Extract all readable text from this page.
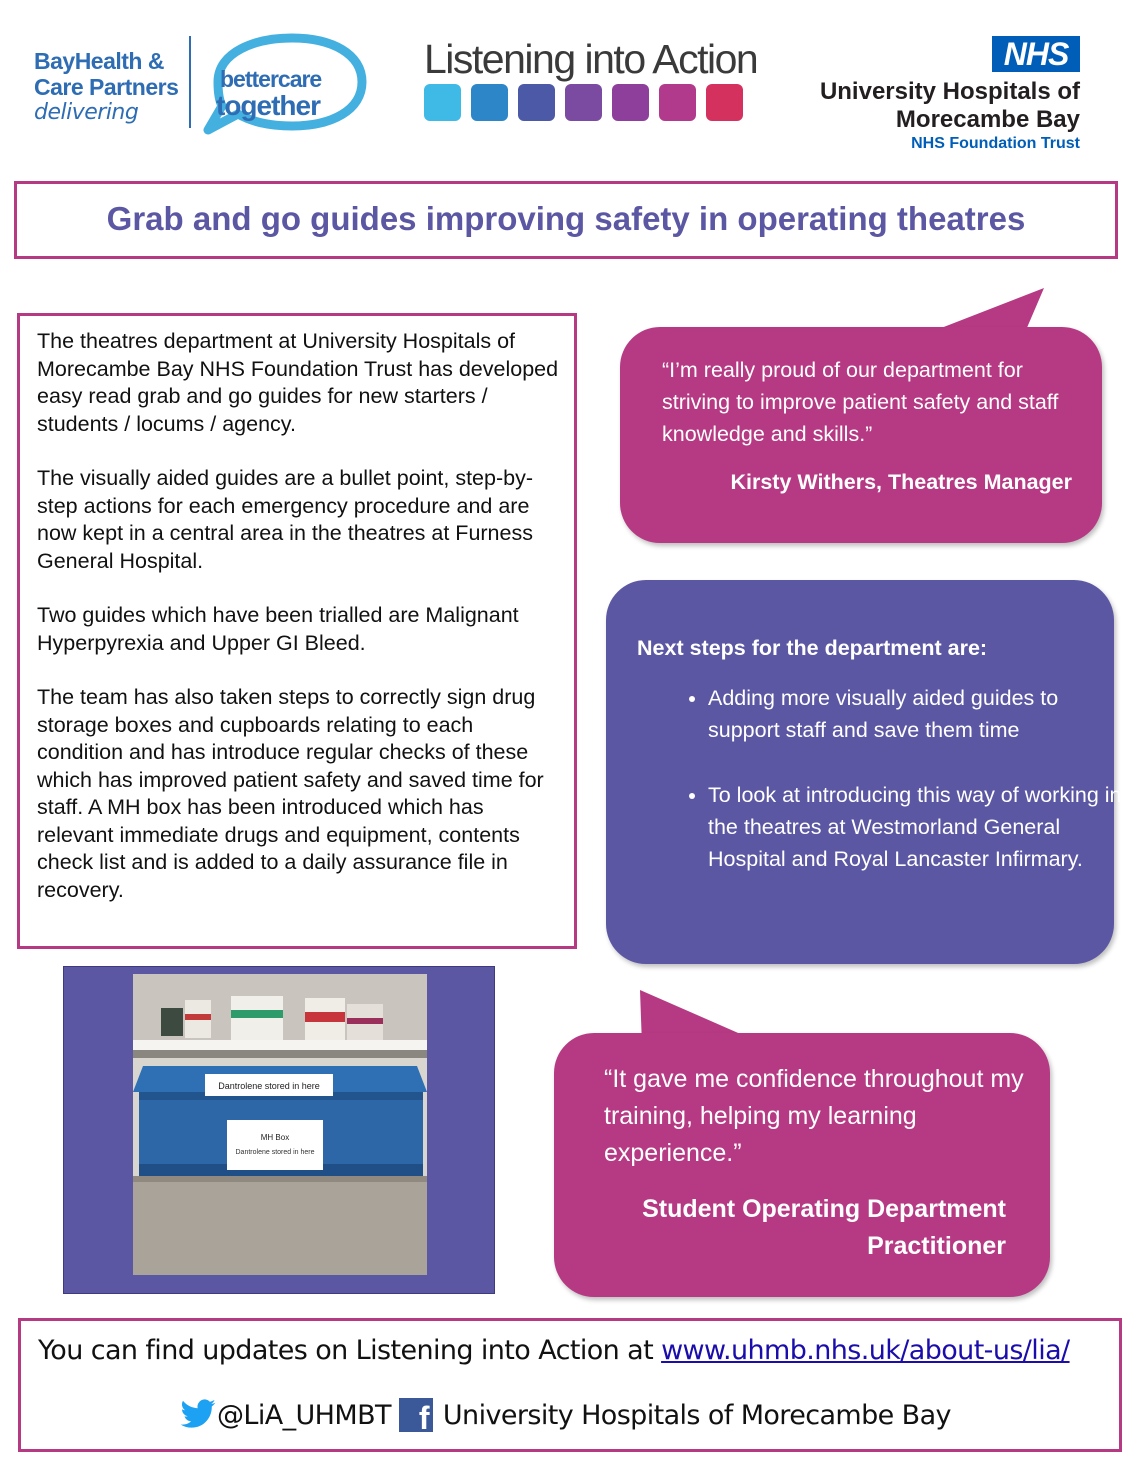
BayHealth &
Care Partners
delivering
bettercare
together
Listening into Action	NHS
University Hospitals of
Morecambe Bay
NHS Foundation Trust
Grab and go guides improving safety in operating theatres

The theatres department at University Hospitals of Morecambe Bay NHS Foundation Trust has developed easy read grab and go guides for new starters / students / locums / agency.

The visually aided guides are a bullet point, step-by-step actions for each emergency procedure and are now kept in a central area in the theatres at Furness General Hospital.

Two guides which have been trialled are Malignant Hyperpyrexia and Upper GI Bleed.

The team has also taken steps to correctly sign drug storage boxes and cupboards relating to each condition and has introduce regular checks of these which has improved patient safety and saved time for staff. A MH box has been introduced which has relevant immediate drugs and equipment, contents check list and is added to a daily assurance file in recovery.

“I’m really proud of our department for striving to improve patient safety and staff knowledge and skills.”
Kirsty Withers, Theatres Manager
Next steps for the department are:
• Adding more visually aided guides to support staff and save them time
• To look at introducing this way of working in the theatres at Westmorland General Hospital and Royal Lancaster Infirmary.
“It gave me confidence throughout my training, helping my learning experience.”
Student Operating Department Practitioner
Dantrolene stored in here
MH Box
Dantrolene stored in here
You can find updates on Listening into Action at www.uhmb.nhs.uk/about-us/lia/
@LiA_UHMBT f University Hospitals of Morecambe Bay
